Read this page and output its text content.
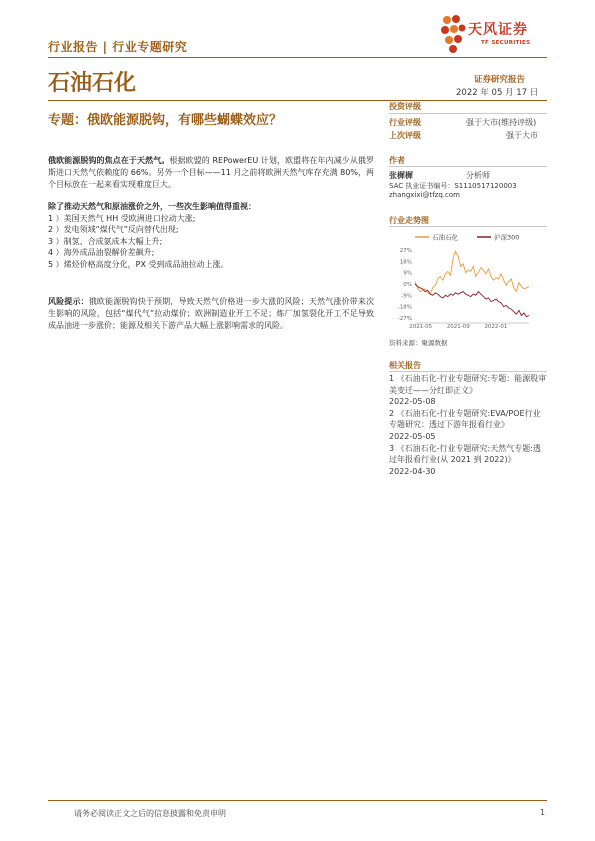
行业报告 | 行业专题研究
天风证券
TF SECURITIES
石油石化	证券研究报告
2022 年 05 月 17 日
专题：俄欧能源脱钩，有哪些蝴蝶效应？
投资评级
行业评级	强于大市(维持评级)
上次评级	强于大市
作者
张樨樨	分析师
SAC 执业证书编号：S1110517120003
zhangxixi@tfzq.com
行业走势图
石油石化	沪深300
27%
18%
9%
0%
-9%
-18%
-27%
2021-05	2021-09	2022-01
资料来源：聚源数据
相关报告
1 《石油石化-行业专题研究:专题：能源股审美变迁——分红即正义》
2022-05-08
2 《石油石化-行业专题研究:EVA/POE行业专题研究：透过下游年报看行业》
2022-05-05
3 《石油石化-行业专题研究:天然气专题:透过年报看行业(从 2021 到 2022)》
2022-04-30
俄欧能源脱钩的焦点在于天然气。根据欧盟的 REPowerEU 计划，欧盟将在年内减少从俄罗斯进口天然气依赖度的 66%。另外一个目标——11 月之前将欧洲天然气库存充满 80%，两个目标放在一起来看实现难度巨大。
除了推动天然气和原油涨价之外，一些次生影响值得重视：
1 ）美国天然气 HH 受欧洲进口拉动大涨;
2 ）发电领域“煤代气”反向替代出现;
3 ）制氢、合成氨成本大幅上升;
4 ）海外成品油裂解价差飙升;
5 ）烯烃价格高度分化，PX 受到成品油拉动上涨。
风险提示：俄欧能源脱钩快于预期，导致天然气价格进一步大涨的风险；天然气涨价带来次生影响的风险，包括“煤代气”拉动煤价；欧洲制造业开工不足；炼厂加氢裂化开工不足导致成品油进一步涨价；能源及相关下游产品大幅上涨影响需求的风险。
请务必阅读正文之后的信息披露和免责申明	1
